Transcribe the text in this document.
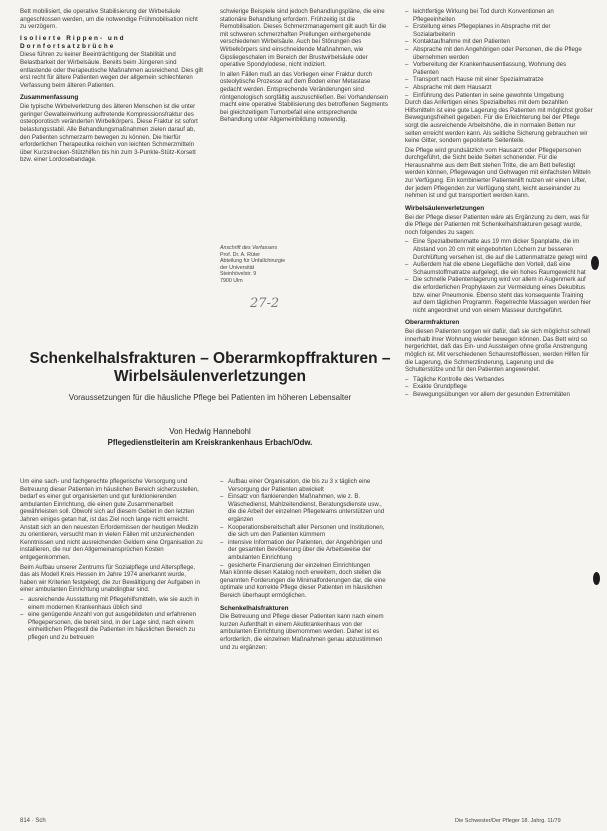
Bett mobilisiert, die operative Stabilisierung der Wirbelsäule angeschlossen werden, um die notwendige Frühmobilisation nicht zu verzögern.

Isolierte Rippen- und Dornfortsatzbrüche

Diese führen zu keiner Beeinträchtigung der Stabilität und Belastbarkeit der Wirbelsäule. Bereits beim Jüngeren sind entlastende oder therapeutische Maßnahmen ausreichend. Dies gilt erst recht für ältere Patienten wegen der allgemein schlechteren Verfassung beim älteren Patienten.

Zusammenfassung

Die typische Wirbelverletzung des älteren Menschen ist die unter geringer Gewalteinwirkung auftretende Kompressionsfraktur des osteoporotisch veränderten Wirbelkörpers. Diese Fraktur ist sofort belastungsstabil. Alle Behandlungsmaßnahmen zielen darauf ab, den Patienten schmerzarm bewegen zu können. Die hierfür erforderlichen Therapeutika reichen von leichten Schmerzmitteln über Kurzstrecken-Stützhilfen bis hin zum 3-Punkte-Stütz-Korsett bzw. einer Lordosebandage.

schwierige Beispiele sind jedoch Behandlungspläne, die eine stationäre Behandlung erfordern. Frühzeitig ist die Remobilisation. Dieses Schmerzmanagement gilt auch für die mit schweren schmerzhaften Prellungen einhergehende verschiedenen Wirbelsäule. Auch bei Störungen des Wirbelkörpers sind einschneidende Maßnahmen, wie Gipsliegeschalen im Bereich der Brustwirbelsäule oder operative Spondylodese, nicht indiziert.

In allen Fällen muß an das Vorliegen einer Fraktur durch osteolytische Prozesse auf dem Boden einer Metastase gedacht werden. Entsprechende Veränderungen sind röntgenologisch sorgfältig auszuschließen. Bei Vorhandensein macht eine operative Stabilisierung des betroffenen Segments bei gleichzeitigem Tumorbefall eine entsprechende Behandlung unter Allgemeinbildung notwendig.

Anschrift des Verfassers

Prof. Dr. A. Rüter
Abteilung für Unfallchirurgie
der Universität
Steinhövelstr. 9
7900 Ulm

27-2
– leichtfertige Wirkung bei Tod durch Konventionen an Pflegeeinheiten
– Erstellung eines Pflegeplanes in Absprache mit der Sozialarbeiterin
– Kontaktaufnahme mit den Patienten
– Absprache mit den Angehörigen oder Personen, die die Pflege übernehmen werden
– Vorbereitung der Krankenhausentlassung, Wohnung des Patienten
– Transport nach Hause mit einer Spezialmatratze
– Absprache mit dem Hausarzt
– Einführung des Patienten in seine gewohnte Umgebung

Durch das Anfertigen eines Spezialbettes mit dem bezahlten Hilfsmitteln ist eine gute Lagerung des Patienten mit möglichst großer Bewegungsfreiheit gegeben. Für die Erleichterung bei der Pflege sorgt die ausreichende Arbeitshöhe, die in normalen Betten nur selten erreicht werden kann. Als seitliche Sicherung gebrauchen wir keine Gitter, sondern gepolsterte Seitenteile.

Die Pflege wird grundsätzlich vom Hausarzt oder Pflegepersonen durchgeführt, die Sicht beide Seiten schonender. Für die Herausnahme aus dem Bett stehen Tritte, die am Bett befestigt werden können, Pflegewagen und Gehwagen mit einfachsten Mitteln zur Verfügung. Ein kombinierter Patientenlift nutzen wir einen Lifter, der jedem Pflegenden zur Verfügung steht, leicht auseinander zu nehmen ist und gut transportiert werden kann.

Wirbelsäulenverletzungen

Bei der Pflege dieser Patienten wäre als Ergänzung zu dem, was für die Pflege der Patienten mit Schenkelhalsfrakturen gesagt wurde, noch folgendes zu sagen:

– Eine Spezialbettenmatte aus 19 mm dicker Spanplatte, die im Abstand von 20 cm mit eingebohrten Löchern zur besseren Durchlüftung versehen ist, die auf die Lattenmatratze gelegt wird
– Außerdem hat die ebene Liegefläche den Vorteil, daß eine Schaumstoffmatratze aufgelegt, die ein hohes Raumgewicht hat
– Die schnelle Patientenlagerung wird vor allem in Augenmerk auf die erforderlichen Prophylaxen zur Vermeidung eines Dekubitus bzw. einer Pneumonie. Ebenso steht das konsequente Training auf dem täglichen Programm. Regelrechte Massagen werden hier nicht angeordnet und von einem Masseur durchgeführt.
Oberarmfrakturen

Bei diesen Patienten sorgen wir dafür, daß sie sich möglichst schnell innerhalb ihrer Wohnung wieder bewegen können. Das Bett wird so hergerichtet, daß das Ein- und Aussteigen ohne große Anstrengung möglich ist. Mit verschiedenen Schaumstoffkissen, werden Hilfen für die Lagerung, die Schmerzlinderung, Lagerung und die Schulterstütze und für den Patienten angewendet.

– Tägliche Kontrolle des Verbandes
– Exakte Grundpflege
– Bewegungsübungen vor allem der gesunden Extremitäten
Schenkelhalsfrakturen – Oberarmkopffrakturen – Wirbelsäulenverletzungen
Voraussetzungen für die häusliche Pflege bei Patienten im höheren Lebensalter
Von Hedwig Hannebohl
Pflegedienstleiterin am Kreiskrankenhaus Erbach/Odw.

Um eine sach- und fachgerechte pflegerische Versorgung und Betreuung dieser Patienten im häuslichen Bereich sicherzustellen, bedarf es einer gut organisierten und gut funktionierenden ambulanten Einrichtung, die einen gute Zusammenarbeit gewährleisten soll. Obwohl sich auf diesem Gebiet in den letzten Jahren einiges getan hat, ist das Ziel noch lange nicht erreicht. Anstatt sich an den neuesten Erfordernissen der heutigen Medizin zu orientieren, versucht man in vielen Fällen mit unzureichenden Kenntnissen und nicht ausreichenden Geldern eine Organisation zu installieren, die nur den Allgemeinansprüchen Kosten entgegenkommen.

Beim Aufbau unserer Zentrums für Sozialpflege und Alterspflege, das als Modell Kreis Hessen im Jahre 1974 anerkannt wurde, haben wir Kriterien festgelegt, die zur Bewältigung der Aufgaben in einer ambulanten Einrichtung unabdingbar sind.

– ausreichende Ausstattung mit Pflegehilfsmitteln, wie sie auch in einem modernen Krankenhaus üblich sind
– eine genügende Anzahl von gut ausgebildeten und erfahrenen Pflegepersonen, die bereit sind, in der Lage sind, nach einem einheitlichen Pflegestil die Patienten im häuslichen Bereich zu pflegen und zu betreuen
– Aufbau einer Organisation, die bis zu 3 x täglich eine Versorgung der Patienten abwickelt
– Einsatz von flankierenden Maßnahmen, wie z. B. Wäschedienst, Mahlzeitendienst, Beratungsdienste usw., die die Arbeit der einzelnen Pflegeteams unterstützen und ergänzen
– Kooperationsbereitschaft aller Personen und Institutionen, die sich um den Patienten kümmern
– intensive Information der Patienten, der Angehörigen und der gesamten Bevölkerung über die Arbeitsweise der ambulanten Einrichtung
– gesicherte Finanzierung der einzelnen Einrichtungen

Man könnte diesen Katalog noch erweitern, doch stellen die genannten Forderungen die Minimalforderungen dar, die eine optimale und korrekte Pflege dieser Patienten im häuslichen Bereich überhaupt ermöglichen.

Schenkelhalsfrakturen

Die Betreuung und Pflege dieser Patienten kann nach einem kurzen Aufenthalt in einem Akutkrankenhaus von der ambulanten Einrichtung übernommen werden. Daher ist es erforderlich, die einzelnen Maßnahmen genau abzustimmen und zu ergänzen:

814 · Sch	Die Schwester/Der Pfleger 18. Jahrg. 11/79
